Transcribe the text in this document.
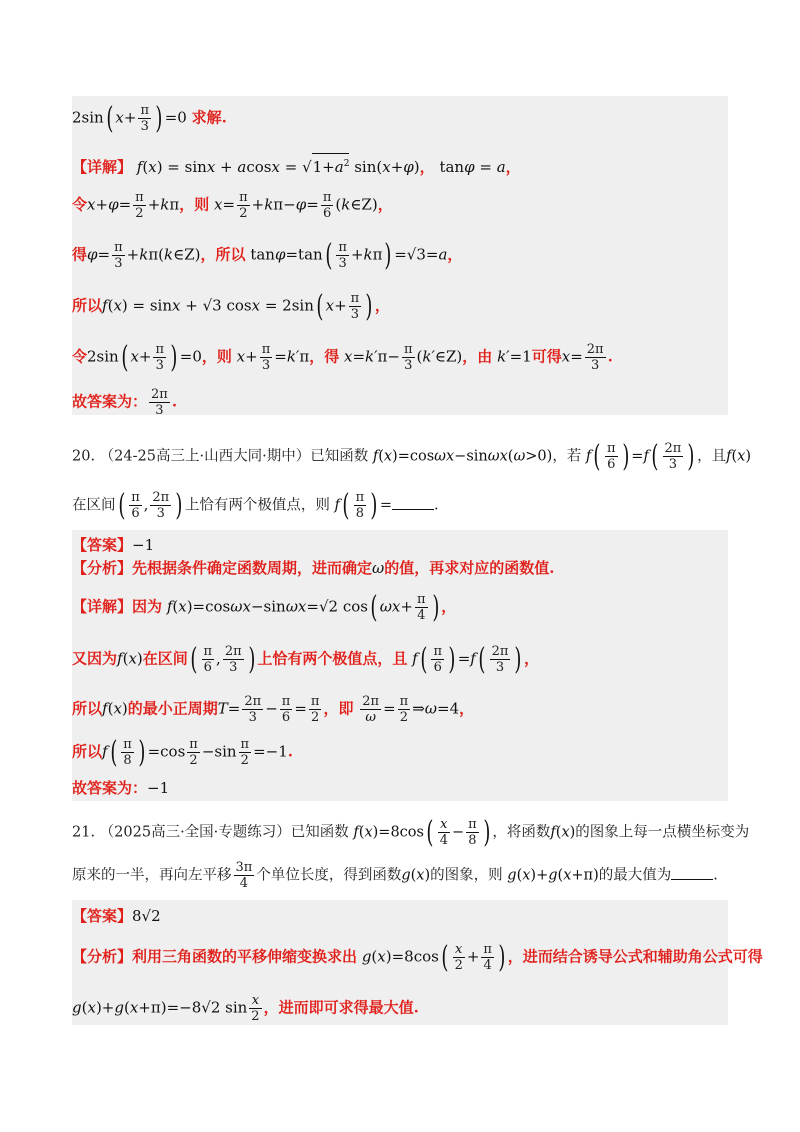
2sin( $x+ \frac{\pi}{3}$ ) =0 求解.
【详解】 $f(x) = \sin x + acosx = √1+a^2$ sin(x+φ)， tanφ = a，
令$x+\varphi= \frac{\pi}{2} +k\pi$，则 $x= \frac{\pi}{2} +k\pi-\varphi= \frac{\pi}{6}$ (k∈Z)，
得$\varphi= \frac{\pi}{3}$ +kπ(k∈Z)，所以 $\tan\varphi=\tan( \frac{\pi}{3} +k\pi) =√3=a$，
所以f(x) = sinx + √3 cosx = 2sin( $x+ \frac{\pi}{3}$ ) ，
令2sin( $x+ \frac{\pi}{3}$ ) =0，则 $x+ \frac{\pi}{3} =k'\pi$，得 $x=k'\pi- \frac{\pi}{3}$ (k′∈Z)，由 k′=1可得$x= \frac{2\pi}{3}$ .
故答案为： $\frac{2\pi}{3}$ .
20. （24-25高三上·山西大同·期中）已知函数 f(x)=cosωx−sinωx(ω>0)，若 $f( \frac{\pi}{6}$ ) $=f( \frac{2\pi}{3}$ ) ，且f(x)
在区间( $\frac{\pi}{6}$ , $\frac{2\pi}{3}$ ) 上恰有两个极值点，则 $f( \frac{\pi}{8}$ ) =	.
【答案】−1
【分析】先根据条件确定函数周期，进而确定ω的值，再求对应的函数值.
【详解】因为 f(x)=cosωx−sinωx=√2 cos( $\omega x+ \frac{\pi}{4}$ ) ，
又因为f(x)在区间( $\frac{\pi}{6}$ , $\frac{2\pi}{3}$ ) 上恰有两个极值点，且 $f( \frac{\pi}{6}$ ) $=f( \frac{2\pi}{3}$ ) ，
所以f(x)的最小正周期$T= \frac{2\pi}{3} - \frac{\pi}{6} = \frac{\pi}{2}$ ，即 $\frac{2\pi}{\omega} = \frac{\pi}{2}$ ⇒ω=4，
所以$f( \frac{\pi}{8}$ ) $=\cos \frac{\pi}{2} -\sin \frac{\pi}{2} =-1$.
故答案为：−1
21. （2025高三·全国·专题练习）已知函数 $f(x)=8\cos( \frac{x}{4} - \frac{\pi}{8}$ ) ，将函数f(x)的图象上每一点横坐标变为
原来的一半，再向左平移 $\frac{3\pi}{4}$ 个单位长度，得到函数g(x)的图象，则 g(x)+g(x+π)的最大值为	.
【答案】8√2
【分析】利用三角函数的平移伸缩变换求出 $g(x)=8\cos( \frac{x}{2} + \frac{\pi}{4}$ ) ，进而结合诱导公式和辅助角公式可得
g(x)+g(x+π)=−8√2 $\sin \frac{x}{2}$ ，进而即可求得最大值.
